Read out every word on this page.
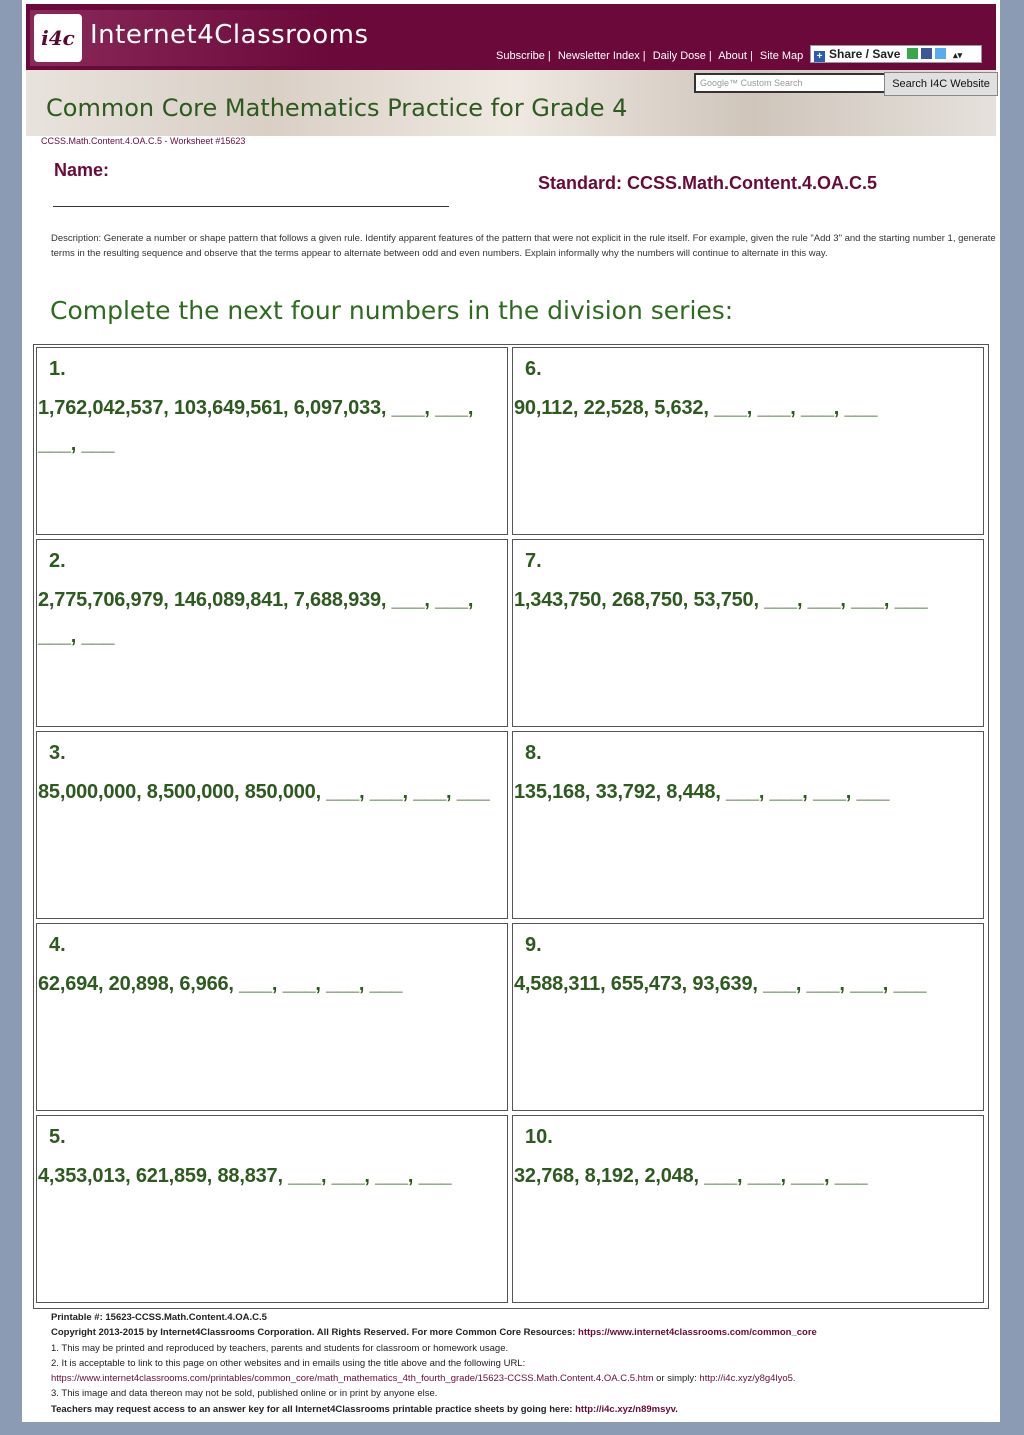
i4c Internet4Classrooms
Subscribe | Newsletter Index | Daily Dose | About | Site Map	+ Share / Save	▴▾
Google™ Custom Search	Search I4C Website
Common Core Mathematics Practice for Grade 4
CCSS.Math.Content.4.OA.C.5 - Worksheet #15623
Name:
Standard: CCSS.Math.Content.4.OA.C.5
Description: Generate a number or shape pattern that follows a given rule. Identify apparent features of the pattern that were not explicit in the rule itself. For example, given the rule "Add 3" and the starting number 1, generate terms in the resulting sequence and observe that the terms appear to alternate between odd and even numbers. Explain informally why the numbers will continue to alternate in this way.
Complete the next four numbers in the division series:
1.
1,762,042,537, 103,649,561, 6,097,033, ___, ___, ___, ___
6.
90,112, 22,528, 5,632, ___, ___, ___, ___
2.
2,775,706,979, 146,089,841, 7,688,939, ___, ___, ___, ___
7.
1,343,750, 268,750, 53,750, ___, ___, ___, ___
3.
85,000,000, 8,500,000, 850,000, ___, ___, ___, ___
8.
135,168, 33,792, 8,448, ___, ___, ___, ___
4.
62,694, 20,898, 6,966, ___, ___, ___, ___
9.
4,588,311, 655,473, 93,639, ___, ___, ___, ___
5.
4,353,013, 621,859, 88,837, ___, ___, ___, ___
10.
32,768, 8,192, 2,048, ___, ___, ___, ___
Printable #: 15623-CCSS.Math.Content.4.OA.C.5
Copyright 2013-2015 by Internet4Classrooms Corporation. All Rights Reserved. For more Common Core Resources: https://www.internet4classrooms.com/common_core
1. This may be printed and reproduced by teachers, parents and students for classroom or homework usage.
2. It is acceptable to link to this page on other websites and in emails using the title above and the following URL:
https://www.internet4classrooms.com/printables/common_core/math_mathematics_4th_fourth_grade/15623-CCSS.Math.Content.4.OA.C.5.htm or simply: http://i4c.xyz/y8g4lyo5.
3. This image and data thereon may not be sold, published online or in print by anyone else.
Teachers may request access to an answer key for all Internet4Classrooms printable practice sheets by going here: http://i4c.xyz/n89msyv.
